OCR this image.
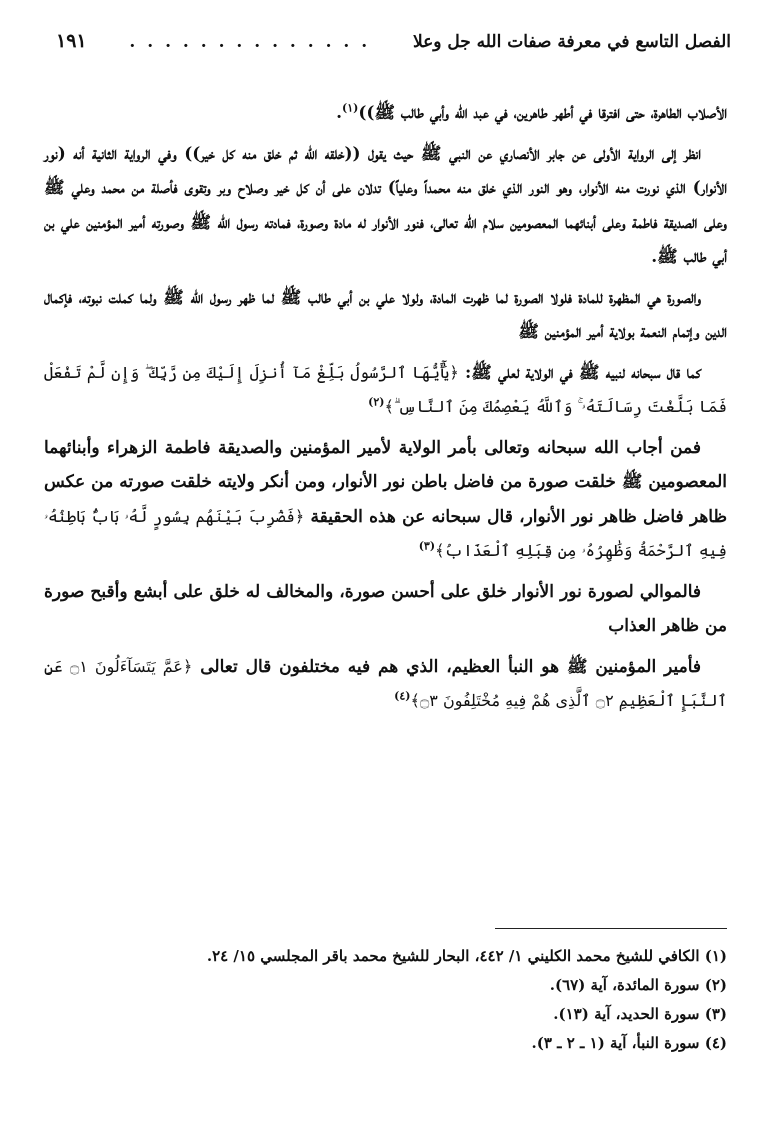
الفصل التاسع في معرفة صفات الله جل وعلا
. . . . . . . . . . . . . .
١٩١

الأصلاب الطاهرة، حتى افترقا في أطهر طاهرين، في عبد الله وأبي طالب ﷺ))$^{(١)}$.

انظر إلى الرواية الأولى عن جابر الأنصاري عن النبي ﷺ حيث يقول ((خلقه الله ثم خلق منه كل خير)) وفي الرواية الثانية أنه (نور الأنوار) الذي نورت منه الأنوار، وهو النور الذي خلق منه محمداً وعلياً) تدلان على أن كل خير وصلاح وبر وتقوى فأصلة من محمد وعلي ﷺ وعلى الصديقة فاطمة وعلى أبنائهما المعصومين سلام الله تعالى، فنور الأنوار له مادة وصورة، فمادته رسول الله ﷺ وصورته أمير المؤمنين علي بن أبي طالب ﷺ.

والصورة هي المظهرة للمادة فلولا الصورة لما ظهرت المادة، ولولا علي بن أبي طالب ﷺ لما ظهر رسول الله ﷺ ولما كملت نبوته، فإكمال الدين وإتمام النعمة بولاية أمير المؤمنين ﷺ

كما قال سبحانه لنبيه ﷺ في الولاية لعلي ﷺ: ﴿يَٰٓأَيُّهَا ٱلرَّسُولُ بَلِّغْ مَآ أُنزِلَ إِلَيْكَ مِن رَّبِّكَ ۖ وَإِن لَّمْ تَفْعَلْ فَمَا بَلَّغْتَ رِسَالَتَهُۥ ۚ وَٱللَّهُ يَعْصِمُكَ مِنَ ٱلنَّاسِ ۗ﴾$^{(٢)}$

فمن أجاب الله سبحانه وتعالى بأمر الولاية لأمير المؤمنين والصديقة فاطمة الزهراء وأبنائهما المعصومين ﷺ خلقت صورة من فاضل باطن نور الأنوار، ومن أنكر ولايته خلقت صورته من عكس ظاهر فاضل ظاهر نور الأنوار، قال سبحانه عن هذه الحقيقة ﴿فَضُرِبَ بَيْنَهُم بِسُورٍ لَّهُۥ بَابٌۢ بَاطِنُهُۥ فِيهِ ٱلرَّحْمَةُ وَظَٰهِرُهُۥ مِن قِبَلِهِ ٱلْعَذَابُ﴾$^{(٣)}$

فالموالي لصورة نور الأنوار خلق على أحسن صورة، والمخالف له خلق على أبشع وأقبح صورة من ظاهر العذاب

فأمير المؤمنين ﷺ هو النبأ العظيم، الذي هم فيه مختلفون قال تعالى ﴿عَمَّ يَتَسَآءَلُونَ ۝١ عَنِ ٱلنَّبَإِ ٱلْعَظِيمِ ۝٢ ٱلَّذِى هُمْ فِيهِ مُخْتَلِفُونَ ۝٣﴾$^{(٤)}$

(١) الكافي للشيخ محمد الكليني ١/ ٤٤٢، البحار للشيخ محمد باقر المجلسي ١٥/ ٢٤.
(٢) سورة المائدة، آية (٦٧).
(٣) سورة الحديد، آية (١٣).
(٤) سورة النبأ، آية (١ ـ ٢ ـ ٣).
